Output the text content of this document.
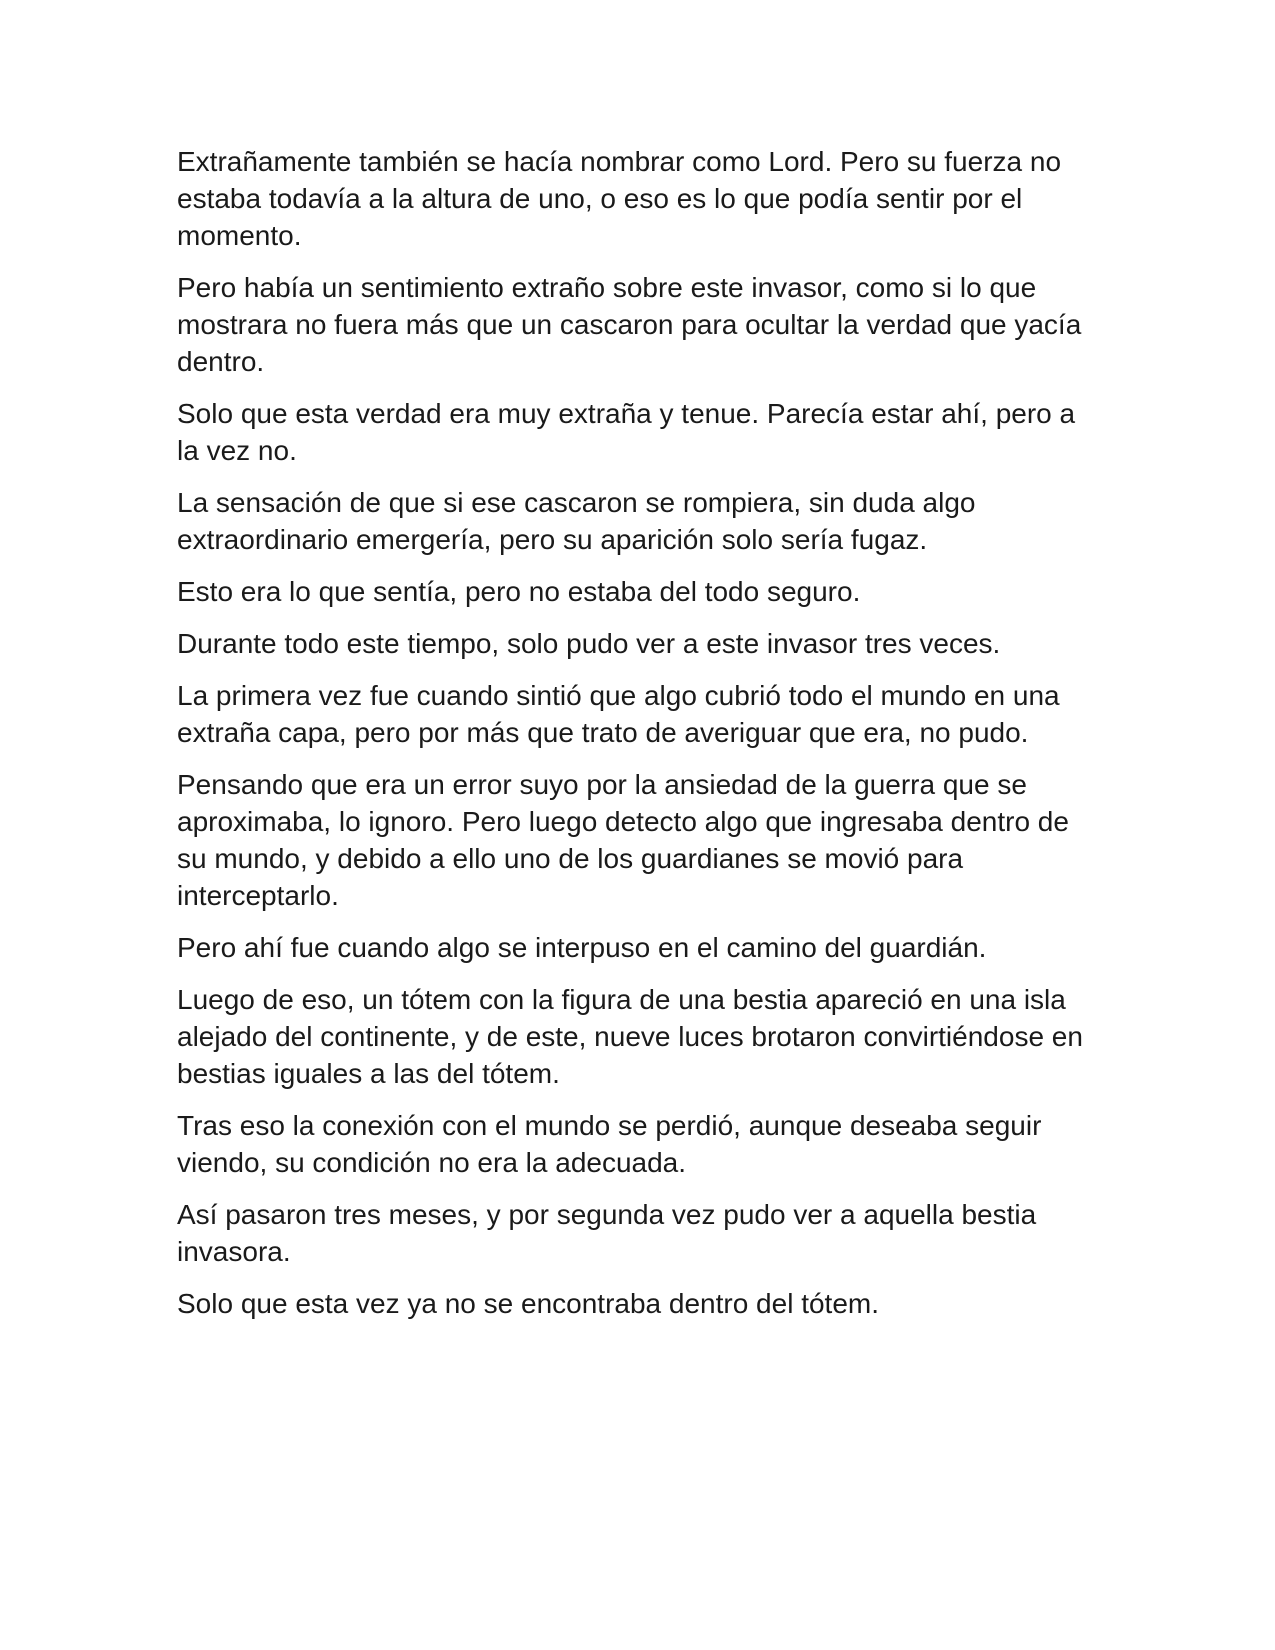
Extrañamente también se hacía nombrar como Lord. Pero su fuerza no estaba todavía a la altura de uno, o eso es lo que podía sentir por el momento.

Pero había un sentimiento extraño sobre este invasor, como si lo que mostrara no fuera más que un cascaron para ocultar la verdad que yacía dentro.

Solo que esta verdad era muy extraña y tenue. Parecía estar ahí, pero a la vez no.

La sensación de que si ese cascaron se rompiera, sin duda algo extraordinario emergería, pero su aparición solo sería fugaz.

Esto era lo que sentía, pero no estaba del todo seguro.

Durante todo este tiempo, solo pudo ver a este invasor tres veces.

La primera vez fue cuando sintió que algo cubrió todo el mundo en una extraña capa, pero por más que trato de averiguar que era, no pudo.

Pensando que era un error suyo por la ansiedad de la guerra que se aproximaba, lo ignoro. Pero luego detecto algo que ingresaba dentro de su mundo, y debido a ello uno de los guardianes se movió para interceptarlo.

Pero ahí fue cuando algo se interpuso en el camino del guardián.

Luego de eso, un tótem con la figura de una bestia apareció en una isla alejado del continente, y de este, nueve luces brotaron convirtiéndose en bestias iguales a las del tótem.

Tras eso la conexión con el mundo se perdió, aunque deseaba seguir viendo, su condición no era la adecuada.

Así pasaron tres meses, y por segunda vez pudo ver a aquella bestia invasora.

Solo que esta vez ya no se encontraba dentro del tótem.
